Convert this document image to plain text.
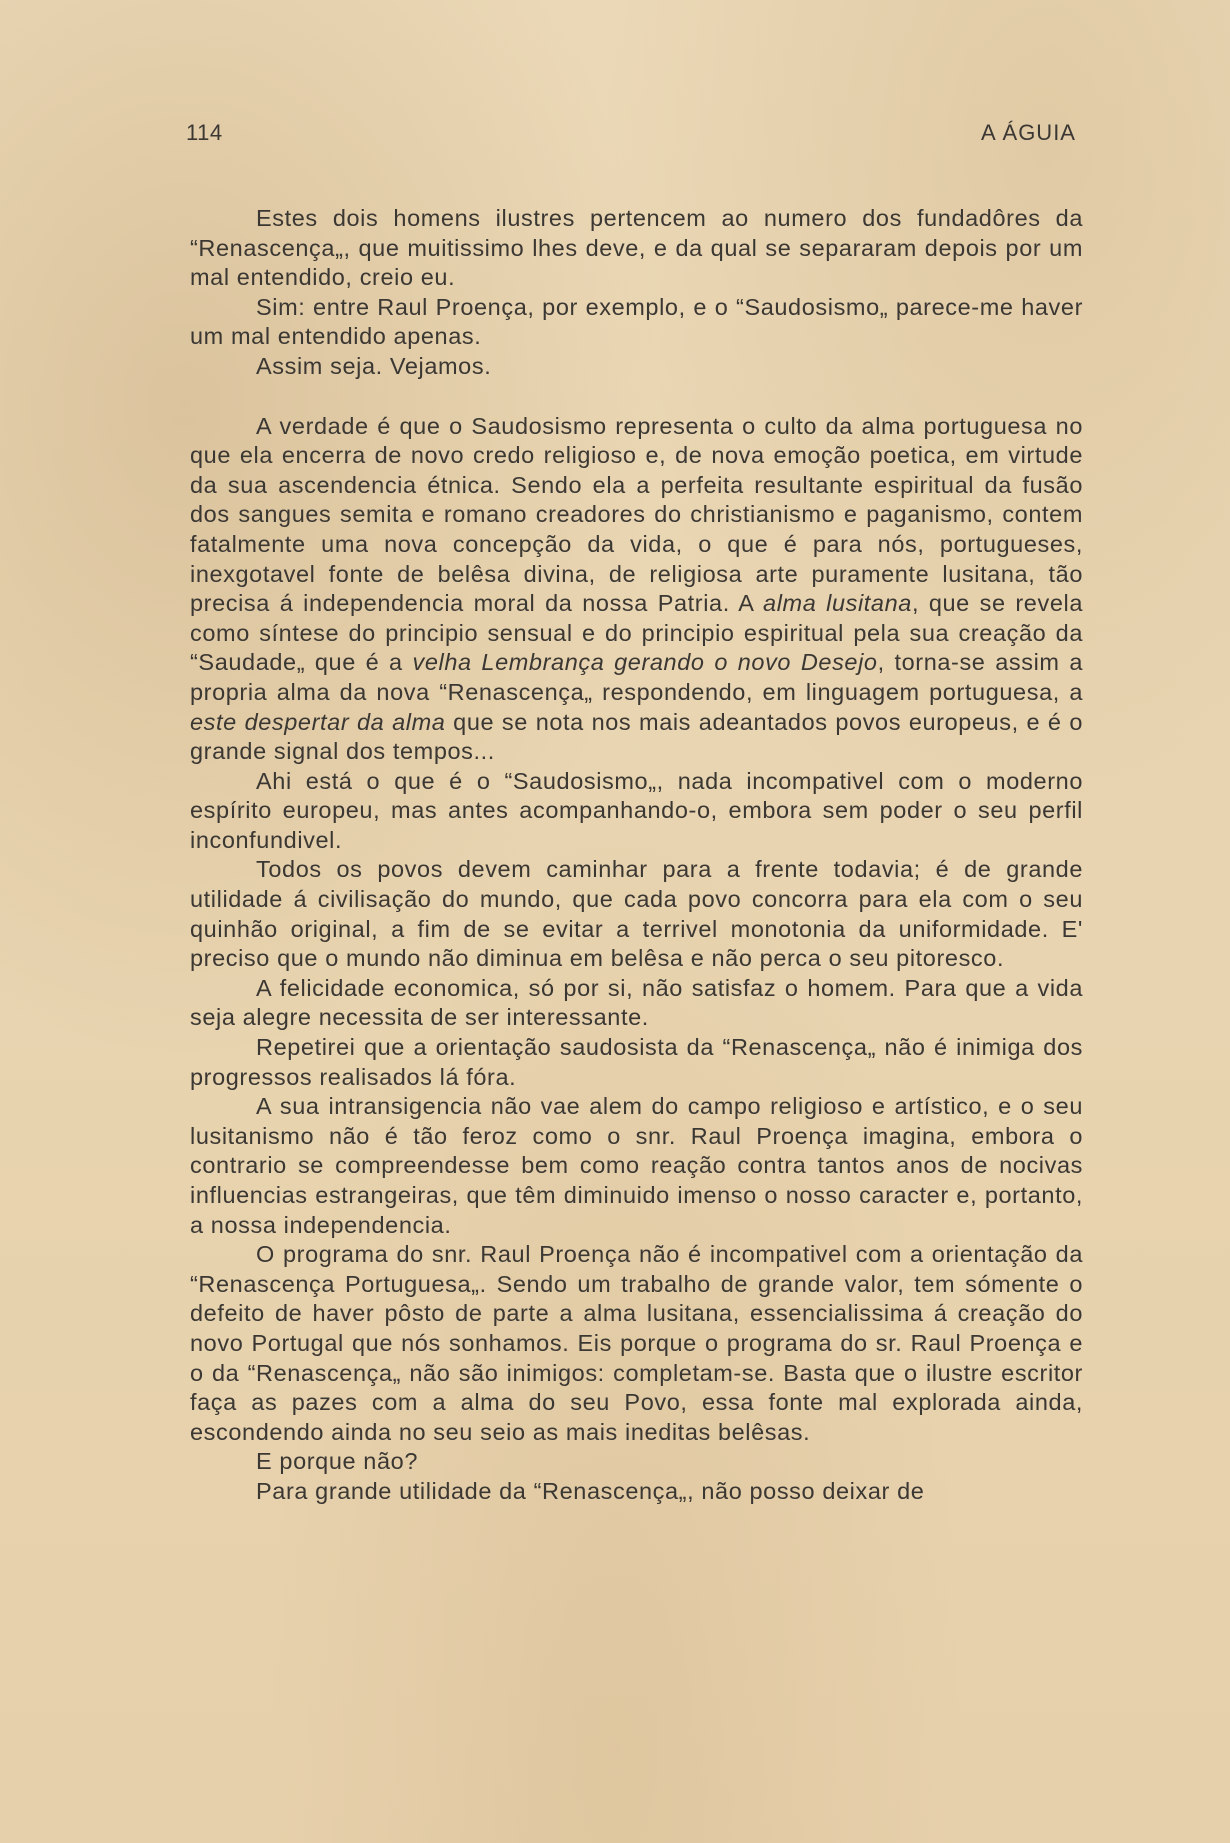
114	A ÁGUIA

Estes dois homens ilustres pertencem ao numero dos fundadôres da “Renascença„, que muitissimo lhes deve, e da qual se separaram depois por um mal entendido, creio eu.

Sim: entre Raul Proença, por exemplo, e o “Saudosismo„ parece-me haver um mal entendido apenas.

Assim seja. Vejamos.

A verdade é que o Saudosismo representa o culto da alma portuguesa no que ela encerra de novo credo religioso e, de nova emoção poetica, em virtude da sua ascendencia étnica. Sendo ela a perfeita resultante espiritual da fusão dos sangues semita e romano creadores do christianismo e paganismo, contem fatalmente uma nova concepção da vida, o que é para nós, portugueses, inexgotavel fonte de belêsa divina, de religiosa arte puramente lusitana, tão precisa á independencia moral da nossa Patria. A alma lusitana, que se revela como síntese do principio sensual e do principio espiritual pela sua creação da “Saudade„ que é a velha Lembrança gerando o novo Desejo, torna-se assim a propria alma da nova “Renascença„ respondendo, em linguagem portuguesa, a este despertar da alma que se nota nos mais adeantados povos europeus, e é o grande signal dos tempos...

Ahi está o que é o “Saudosismo„, nada incompativel com o moderno espírito europeu, mas antes acompanhando-o, embora sem poder o seu perfil inconfundivel.

Todos os povos devem caminhar para a frente todavia; é de grande utilidade á civilisação do mundo, que cada povo concorra para ela com o seu quinhão original, a fim de se evitar a terrivel monotonia da uniformidade. E' preciso que o mundo não diminua em belêsa e não perca o seu pitoresco.

A felicidade economica, só por si, não satisfaz o homem. Para que a vida seja alegre necessita de ser interessante.

Repetirei que a orientação saudosista da “Renascença„ não é inimiga dos progressos realisados lá fóra.

A sua intransigencia não vae alem do campo religioso e artístico, e o seu lusitanismo não é tão feroz como o snr. Raul Proença imagina, embora o contrario se compreendesse bem como reação contra tantos anos de nocivas influencias estrangeiras, que têm diminuido imenso o nosso caracter e, portanto, a nossa independencia.

O programa do snr. Raul Proença não é incompativel com a orientação da “Renascença Portuguesa„. Sendo um trabalho de grande valor, tem sómente o defeito de haver pôsto de parte a alma lusitana, essencialissima á creação do novo Portugal que nós sonhamos. Eis porque o programa do sr. Raul Proença e o da “Renascença„ não são inimigos: completam-se. Basta que o ilustre escritor faça as pazes com a alma do seu Povo, essa fonte mal explorada ainda, escondendo ainda no seu seio as mais ineditas belêsas.

E porque não?

Para grande utilidade da “Renascença„, não posso deixar de
